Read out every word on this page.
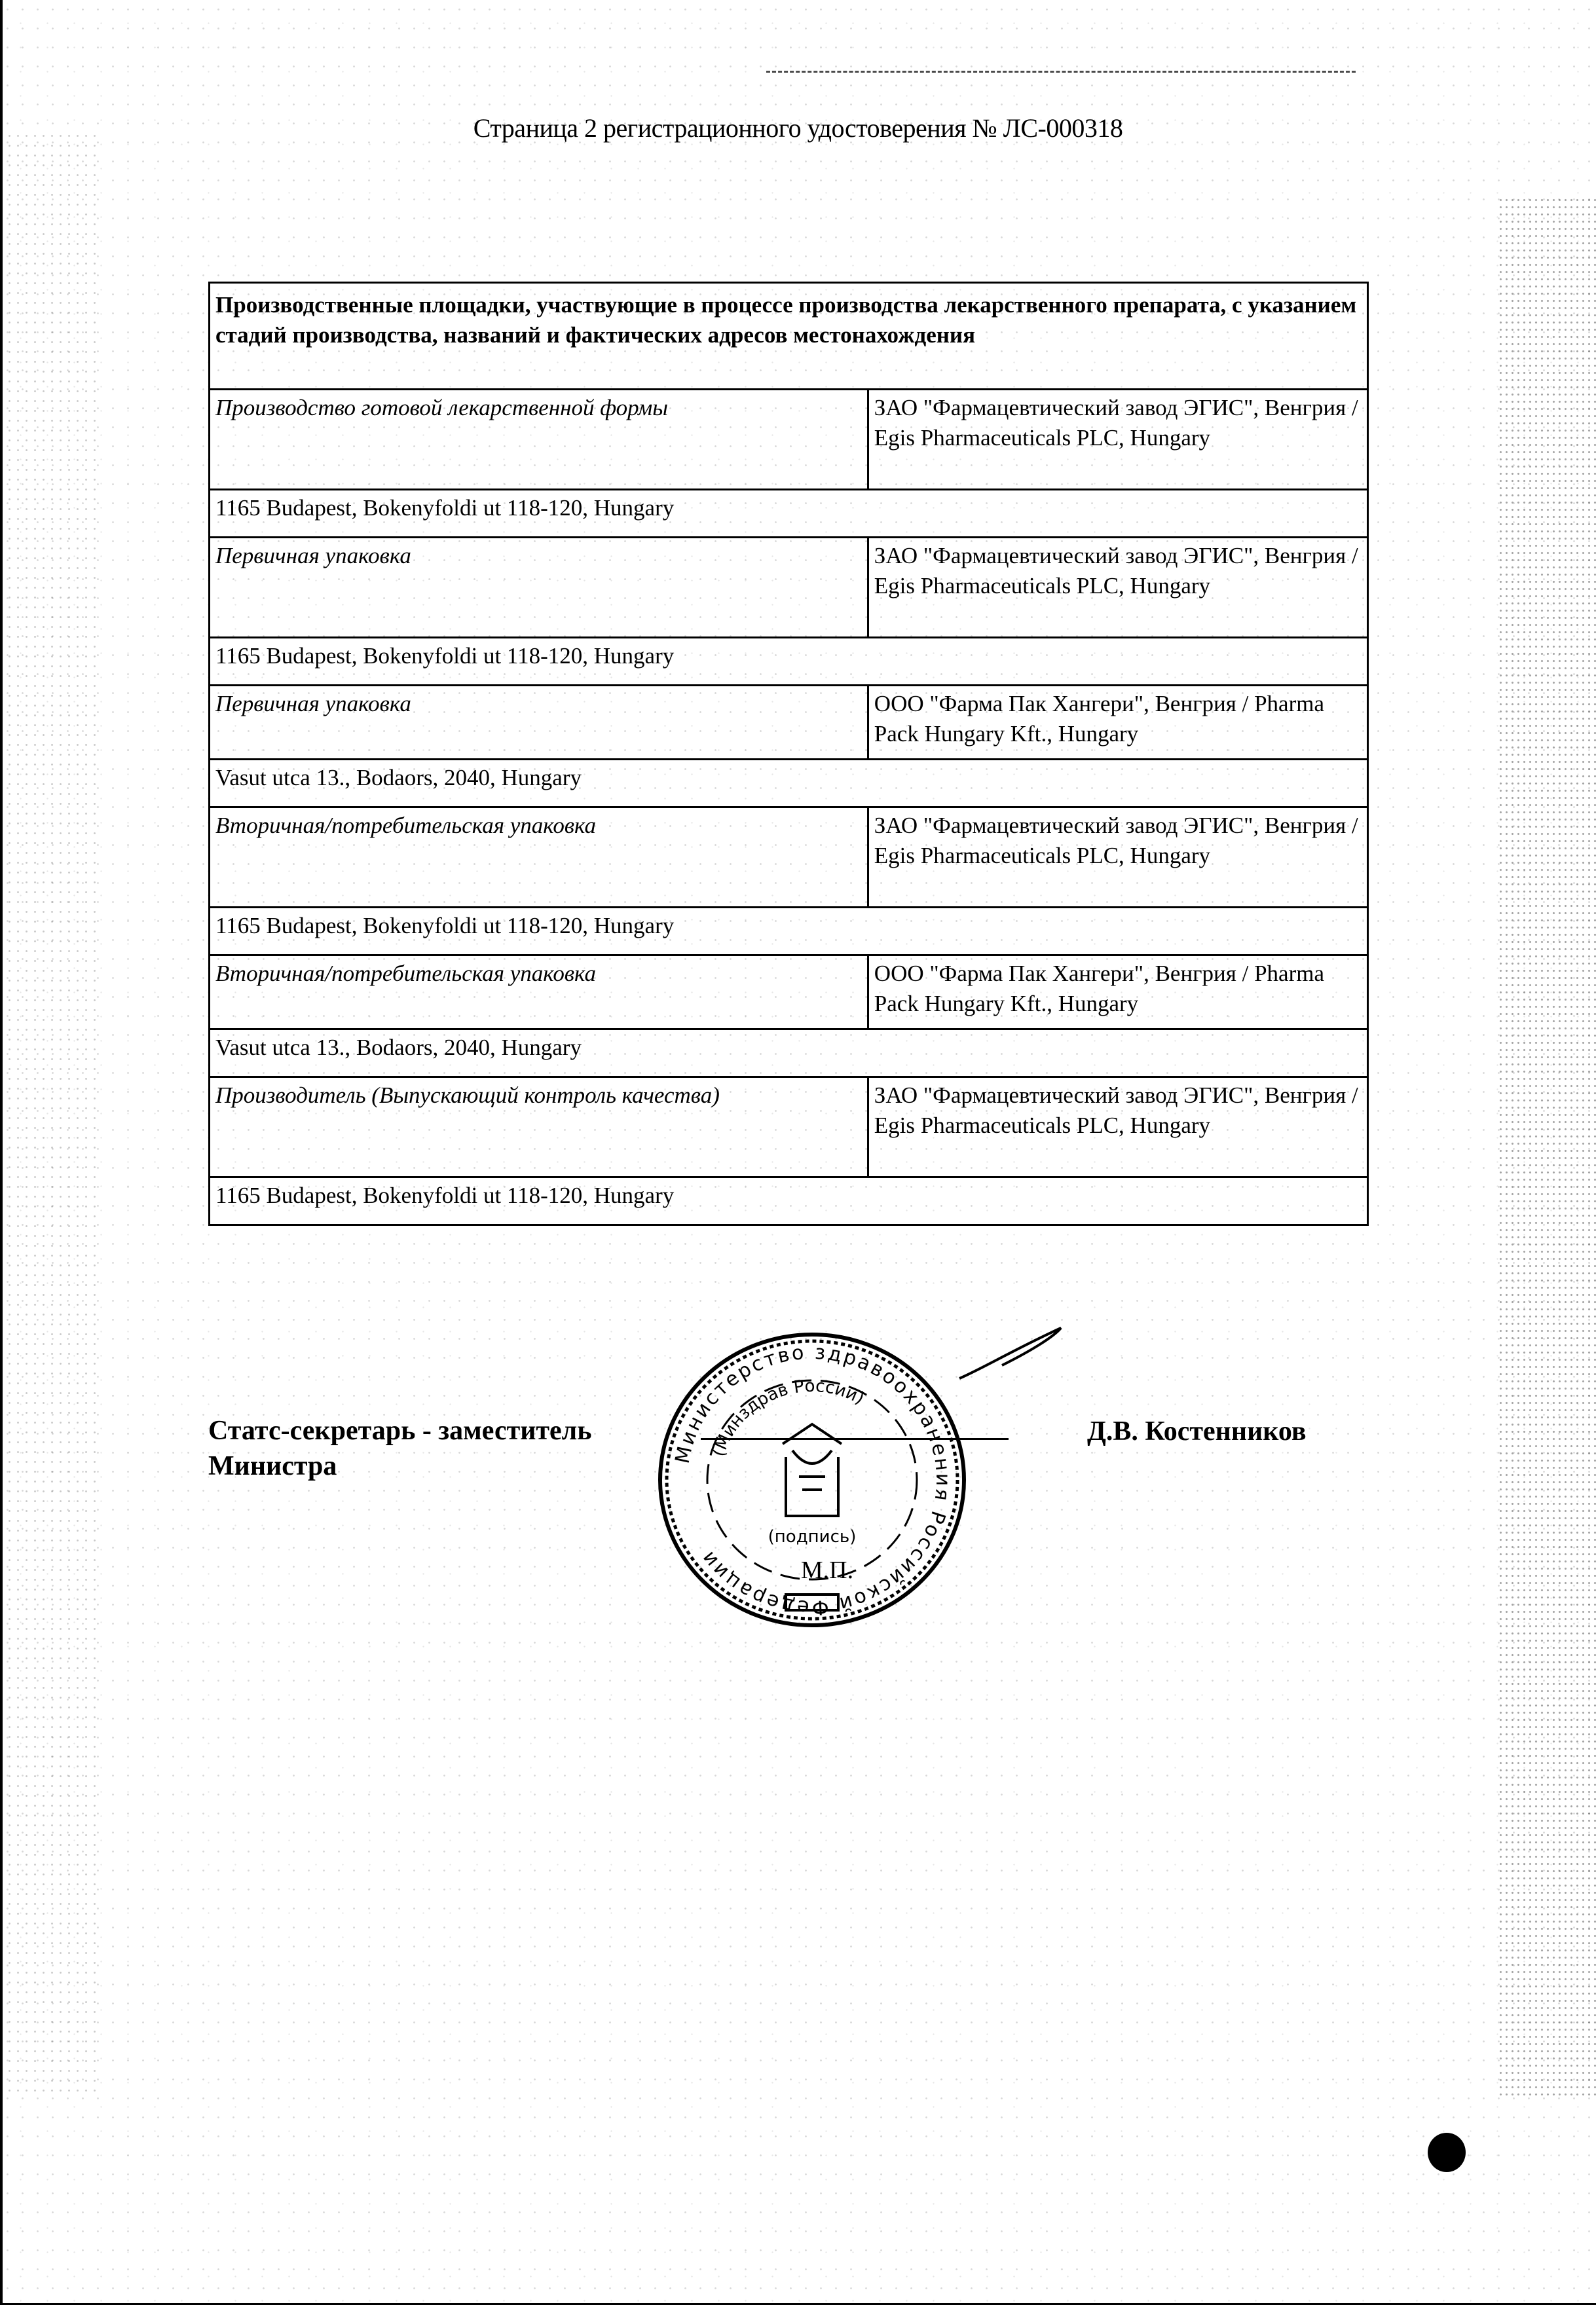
Страница 2 регистрационного удостоверения № ЛС-000318
Производственные площадки, участвующие в процессе производства лекарственного препарата, с указанием стадий производства, названий и фактических адресов местонахождения	
Производство готовой лекарственной формы	ЗАО "Фармацевтический завод ЭГИС", Венгрия / Egis Pharmaceuticals PLC, Hungary
1165 Budapest, Bokenyfoldi ut 118-120, Hungary	
Первичная упаковка	ЗАО "Фармацевтический завод ЭГИС", Венгрия / Egis Pharmaceuticals PLC, Hungary
1165 Budapest, Bokenyfoldi ut 118-120, Hungary	
Первичная упаковка	ООО "Фарма Пак Хангери", Венгрия / Pharma Pack Hungary Kft., Hungary
Vasut utca 13., Bodaors, 2040, Hungary	
Вторичная/потребительская упаковка	ЗАО "Фармацевтический завод ЭГИС", Венгрия / Egis Pharmaceuticals PLC, Hungary
1165 Budapest, Bokenyfoldi ut 118-120, Hungary	
Вторичная/потребительская упаковка	ООО "Фарма Пак Хангери", Венгрия / Pharma Pack Hungary Kft., Hungary
Vasut utca 13., Bodaors, 2040, Hungary	
Производитель (Выпускающий контроль качества)	ЗАО "Фармацевтический завод ЭГИС", Венгрия / Egis Pharmaceuticals PLC, Hungary
1165 Budapest, Bokenyfoldi ut 118-120, Hungary	
Статс-секретарь - заместитель
Министра	Министерство здравоохранения Российской Федерации
(Минздрав России)
(подпись)
М.П.
Д.В. Костенников
